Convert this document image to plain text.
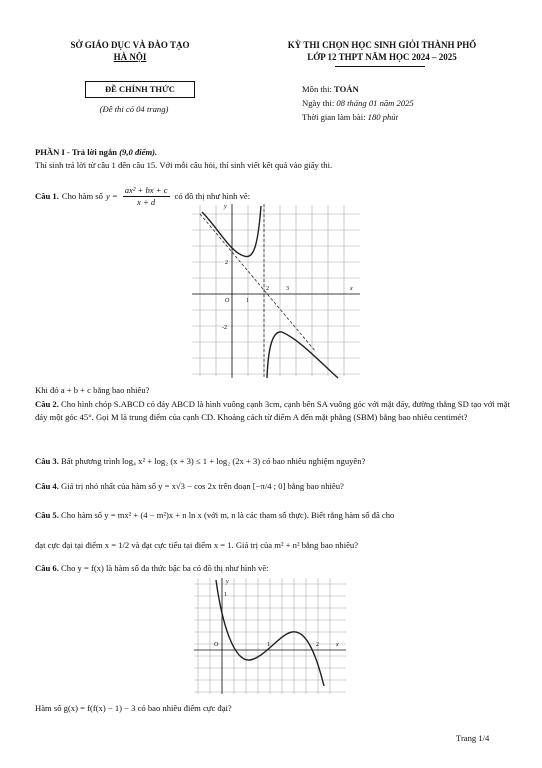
SỞ GIÁO DỤC VÀ ĐÀO TẠO
HÀ NỘI
KỲ THI CHỌN HỌC SINH GIỎI THÀNH PHỐ
LỚP 12 THPT NĂM HỌC 2024 – 2025
ĐỀ CHÍNH THỨC
(Đề thi có 04 trang)
Môn thi: TOÁN
Ngày thi: 08 tháng 01 năm 2025
Thời gian làm bài: 180 phút
PHẦN I - Trả lời ngắn (9,0 điểm).
Thí sinh trả lời từ câu 1 đến câu 15. Với mỗi câu hỏi, thí sinh viết kết quả vào giấy thi.
Câu 1. Cho hàm số $y = \frac{\text{ax² + bx + c}}{x + d}$ có đồ thị như hình vẽ:
y
x
O	1
2	3
2
-2
Khi đó a + b + c bằng bao nhiêu?
Câu 2. Cho hình chóp S.ABCD có đáy ABCD là hình vuông cạnh 3cm, cạnh bên SA vuông góc với mặt đáy, đường thẳng SD tạo với mặt đáy một góc 45°. Gọi M là trung điểm của cạnh CD. Khoảng cách từ điểm A đến mặt phẳng (SBM) bằng bao nhiêu centimét?
Câu 3. Bất phương trình log₄ x² + log₂ (x + 3) ≤ 1 + log₂ (2x + 3) có bao nhiêu nghiệm nguyên?
Câu 4. Giá trị nhỏ nhất của hàm số y = x√3 − cos 2x trên đoạn [−π/4 ; 0] bằng bao nhiêu?
Câu 5. Cho hàm số y = mx² + (4 − m²)x + n ln x (với m, n là các tham số thực). Biết rằng hàm số đã cho
đạt cực đại tại điểm x = 1/2 và đạt cực tiểu tại điểm x = 1. Giá trị của m² + n² bằng bao nhiêu?
Câu 6. Cho y = f(x) là hàm số đa thức bậc ba có đồ thị như hình vẽ:
y
x
O	1	2
1
Hàm số g(x) = f(f(x) − 1) − 3 có bao nhiêu điểm cực đại?
Trang 1/4
